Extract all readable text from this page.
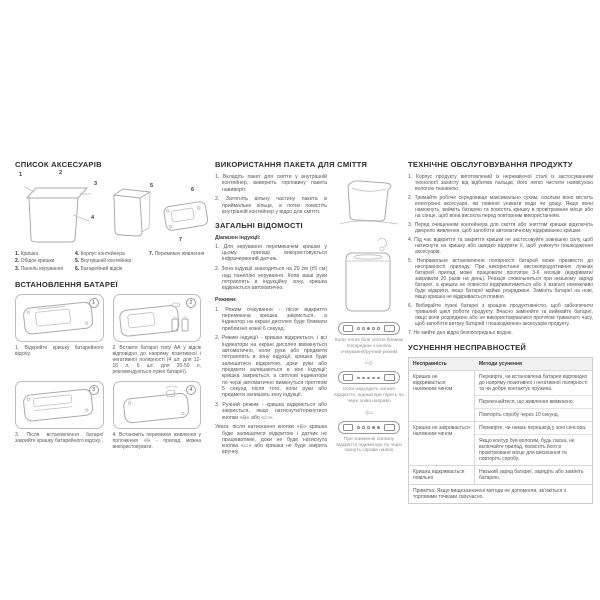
СПИСОК АКСЕСУАРІВ
1	2
3
4
5
6
7
1. Кришка
2. Обідок кришки
3. Панель керування
4. Корпус контейнера
5. Внутрішній контейнер
6. Батарейний відсік
7. Перемикач живлення
ВСТАНОВЛЕННЯ БАТАРЕЇ
1
1. Відкрийте кришку батарейного відсіку.
2
2. Вставте батареї типу АА у відсік відповідно до напряму позитивної і негативної полярності (4 шт. для 12-16 л, 6 шт. для 20-50 л, рекомендуються лужні батареї).
3
3. Після встановлення батареї закрийте кришку батарейного відсіку.
4
4. Встановіть перемикач живлення у положення «І» - прилад можна використовувати.
ВИКОРИСТАННЯ ПАКЕТА ДЛЯ СМІТТЯ

1. Вкладіть пакет для сміття у внутрішній контейнер, виверніть горловину пакета навиворіт.

2. Затягніть вільну частину пакета в приймальне кільце, а потім помістіть внутрішній контейнер у відро для сміття.

ЗАГАЛЬНІ ВІДОМОСТІ
Діапазон індукції:

1. Для керування перемикачем кришки у цьому приладі використовується інфрачервоний датчик.

2. Зона індукції знаходиться на 20 см (±5 см) над панеллю керування. Коли ваші руки потраплять в індукційну зону, кришка відкриється автоматично.

Режими:

1. Режим очікування - після відкриття перемикача кришка закриється, а індикатор на екрані дисплея буде блимати приблизно кожні 6 секунд.

2. Режим індукції - кришка відкриється, і всі індикатори на екрані дисплея ввімкнуться автоматично, коли руки або предмети потраплять в зону індукції; кришка буде залишатися відкритою, доки руки або предмети залишаються в зоні індукції; кришка закриється, а світлові індикатори по черзі автоматично вимкнуться протягом 5 секунд після того, коли руки або предмети залишать зону індукції.

3. Ручний режим - кришка відкриється або закриється, якщо натиснути/торкнутися кнопки «⊟» або «▭».

Увага: після натискання кнопки «⊟» кришка буде залишатися відкритою і датчик не працюватиме, доки не буде натиснута кнопка «▭» або кришка не буде закрита вручну.

Коли тепле біле світло блимає посередині з кнопок очікування/ручний режим
⇨
Коли надходить сигнал відкриття, індикатори горять по черзі зліва направо
⇦
При зникненні сигналу відкриття індикатори по черзі гаснуть справа наліво
ТЕХНІЧНЕ ОБСЛУГОВУВАННЯ ПРОДУКТУ

1. Корпус продукту виготовлений із нержавіючої сталі із застосуванням технології захисту від відбитків пальців, його легко чистити напівсухою вологою тканиною.

2. Тримайте робоче середовище максимально сухим, оскільки воно містить електронні аксесуари, які повинні уникати води чи дощу. Якщо вони намокнуть, вийміть батарею та помістіть кришку в провітрюване місце або на сонце, щоб вона висохла перед повторним використанням.

3. Перед очищенням контейнера для сміття або зняттям кришки відключіть джерело живлення, щоб запобігти автоматичному відкриванню кришки.

4. Під час відкриття та закриття кришки не застосовуйте зовнішню силу, щоб натиснути на кришку або швидко відкрити її, щоб уникнути пошкодження аксесуарів.

5. Неправильне встановлення полярності батарей може призвести до несправності приладу. При використанні високопродуктивних лужних батарей прилад може працювати протягом 3-6 місяців (відкривати/закривати 20 разів на день). Реакція сповільниться при низькому заряді батареї, а кришка не повністю відкриватиметься або її взагалі неможливо буде відкрити, якщо батареї майже розряджені. Замініть батареї на нові, якщо кришка не відкривається плавно.

6. Вибирайте лужні батареї з кращою продуктивністю, щоб забезпечити тривалий цикл роботи продукту. Вчасно заміняйте та виймайте батареї, якщо вони розряджені або не використовувалися протягом тривалого часу, щоб запобігти витоку батарей і пошкодженню аксесуарів продукту.

7. Не мийте дно відра безпосередньо водою.

УСУНЕННЯ НЕСПРАВНОСТЕЙ
Несправність	Методи усунення
Кришка не відкривається належним чином
Перевірте, чи встановлена батарея відповідно до напряму позитивної і негативної полярності та чи добре контактує пружина.
Переконайтеся, що живлення ввімкнено.
Повторіть спробу через 10 секунд.
Кришка не закривається належним чином
Перевірте, чи немає перешкод у зоні сенсора.
Якщо контур був вологим, будь ласка, не включайте прилад, помістіть його в провітрюване місце для висихання та повторіть спробу.
Кришка відкривається повільно
Низький заряд батареї, зарядіть або замініть батарею.
Примітка: Якщо вищезазначені методи не допомогли, зв'яжіться з торговими точками своєчасно.
